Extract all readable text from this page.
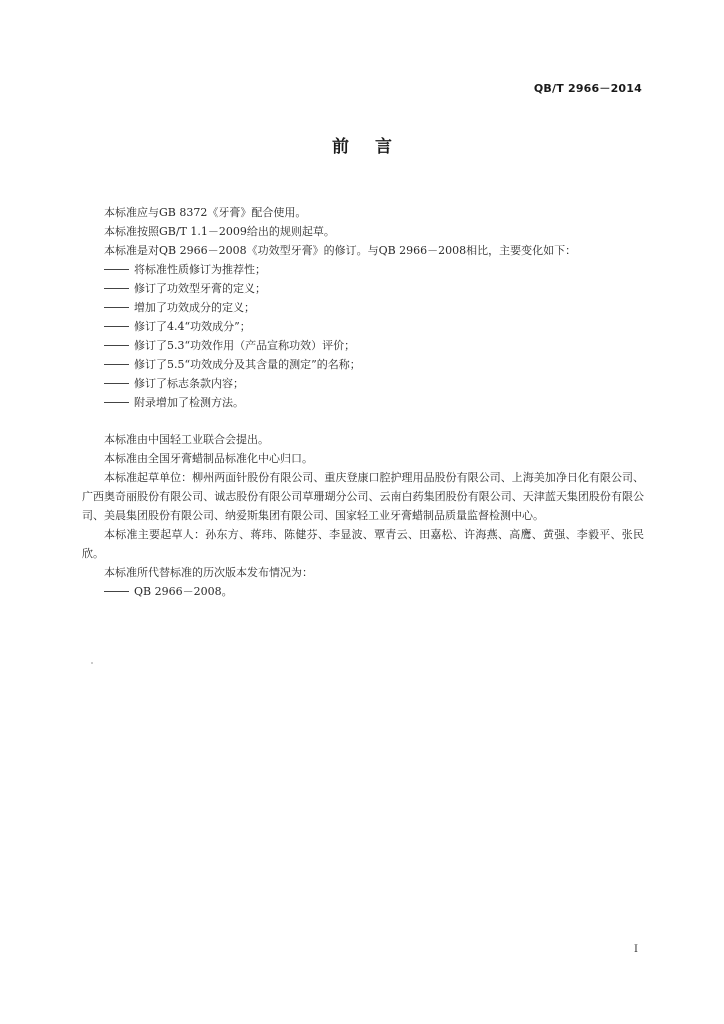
QB/T 2966－2014
前言

本标准应与GB 8372《牙膏》配合使用。

本标准按照GB/T 1.1－2009给出的规则起草。

本标准是对QB 2966－2008《功效型牙膏》的修订。与QB 2966－2008相比，主要变化如下：

将标准性质修订为推荐性；

修订了功效型牙膏的定义；

增加了功效成分的定义；

修订了4.4“功效成分”；

修订了5.3“功效作用（产品宣称功效）评价；

修订了5.5“功效成分及其含量的测定”的名称；

修订了标志条款内容；

附录增加了检测方法。

本标准由中国轻工业联合会提出。

本标准由全国牙膏蜡制品标准化中心归口。

本标准起草单位：柳州两面针股份有限公司、重庆登康口腔护理用品股份有限公司、上海美加净日化有限公司、广西奥奇丽股份有限公司、诚志股份有限公司草珊瑚分公司、云南白药集团股份有限公司、天津蓝天集团股份有限公司、美晨集团股份有限公司、纳爱斯集团有限公司、国家轻工业牙膏蜡制品质量监督检测中心。

本标准主要起草人：孙东方、蒋玮、陈健芬、李显波、覃青云、田嘉松、许海燕、高鹰、黄强、李毅平、张民欣。

本标准所代替标准的历次版本发布情况为：

QB 2966－2008。

I
